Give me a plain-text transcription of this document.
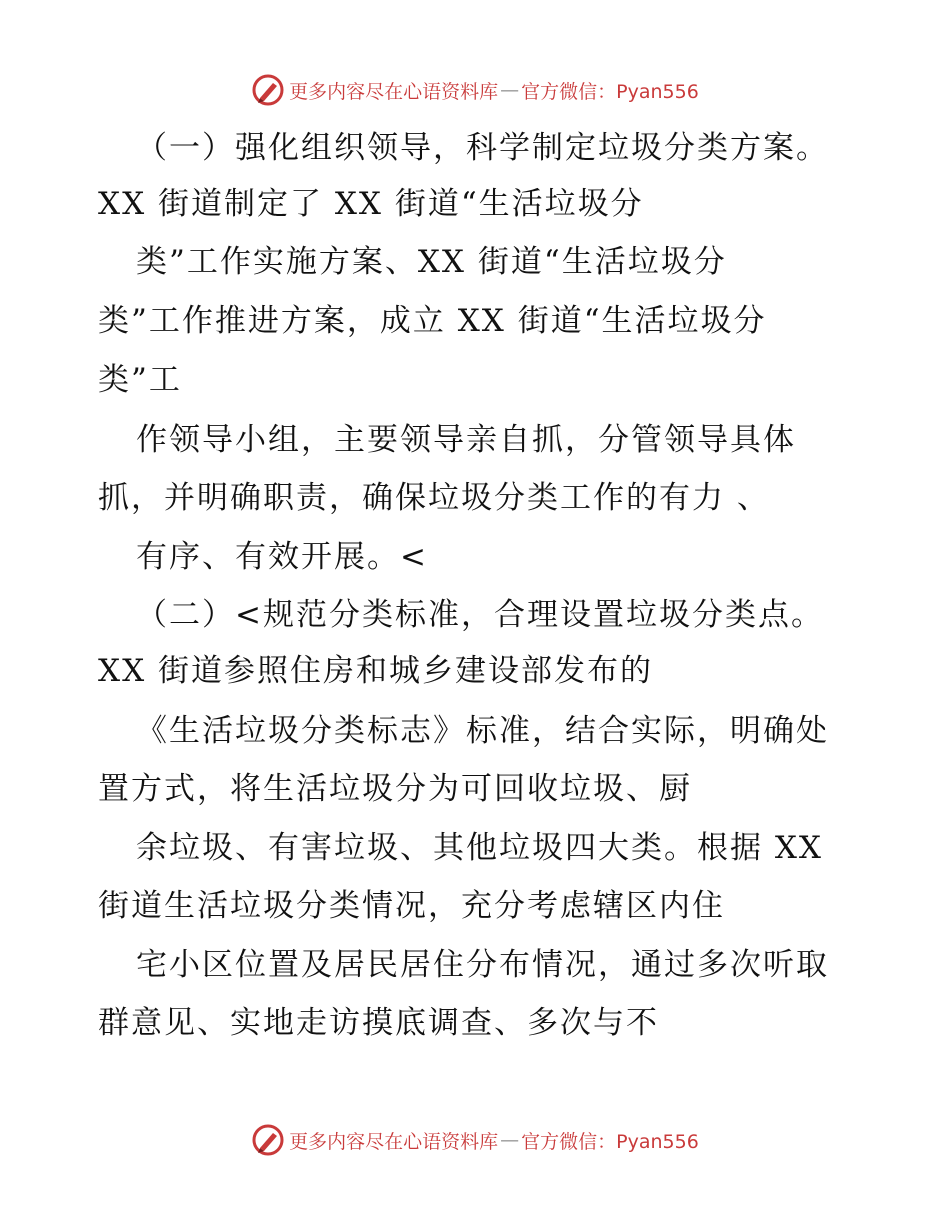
更多内容尽在心语资料库 — 官方微信：Pyan556
（一）强化组织领导，科学制定垃圾分类方案。
XX 街道制定了 XX 街道“生活垃圾分
类”工作实施方案、XX 街道“生活垃圾分
类”工作推进方案，成立 XX 街道“生活垃圾分
类”工
作领导小组，主要领导亲自抓，分管领导具体
抓，并明确职责，确保垃圾分类工作的有力 、
有序、有效开展。<
（二）<规范分类标准，合理设置垃圾分类点。
XX 街道参照住房和城乡建设部发布的
《生活垃圾分类标志》标准，结合实际，明确处
置方式，将生活垃圾分为可回收垃圾、厨
余垃圾、有害垃圾、其他垃圾四大类。根据 XX
街道生活垃圾分类情况，充分考虑辖区内住
宅小区位置及居民居住分布情况，通过多次听取
群意见、实地走访摸底调查、多次与不
更多内容尽在心语资料库 — 官方微信：Pyan556
